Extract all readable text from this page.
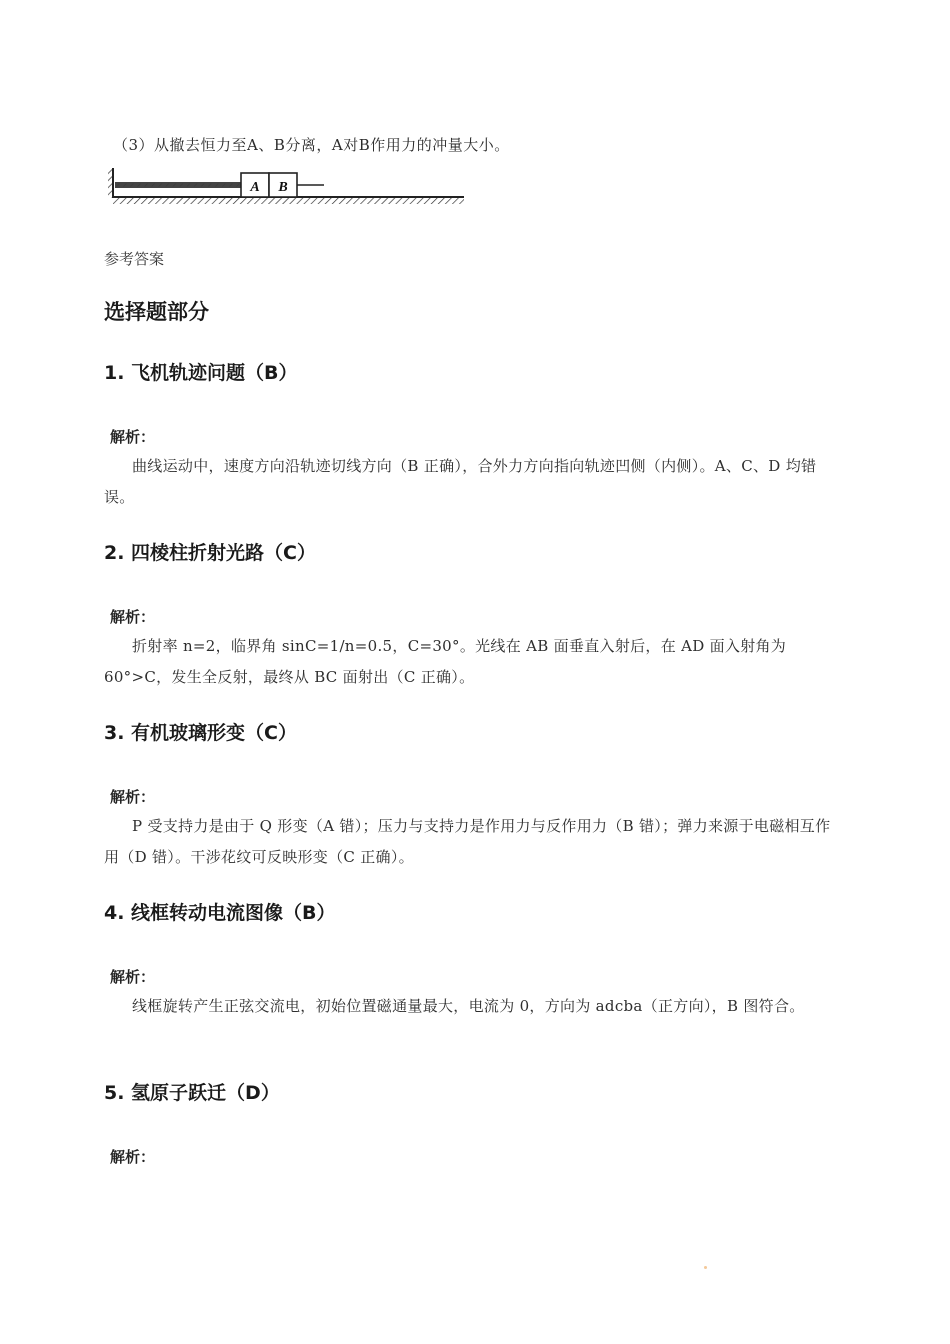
（3）从撤去恒力至A、B分离，A对B作用力的冲量大小。
A B
参考答案
选择题部分
1. 飞机轨迹问题（B）
解析：
曲线运动中，速度方向沿轨迹切线方向（B 正确），合外力方向指向轨迹凹侧（内侧）。A、C、D 均错误。
2. 四棱柱折射光路（C）
解析：
折射率 n=2，临界角 sinC=1/n=0.5，C=30°。光线在 AB 面垂直入射后，在 AD 面入射角为 60°>C，发生全反射，最终从 BC 面射出（C 正确）。
3. 有机玻璃形变（C）
解析：
P 受支持力是由于 Q 形变（A 错）；压力与支持力是作用力与反作用力（B 错）；弹力来源于电磁相互作用（D 错）。干涉花纹可反映形变（C 正确）。
4. 线框转动电流图像（B）
解析：
线框旋转产生正弦交流电，初始位置磁通量最大，电流为 0，方向为 adcba（正方向），B 图符合。
5. 氢原子跃迁（D）
解析：
